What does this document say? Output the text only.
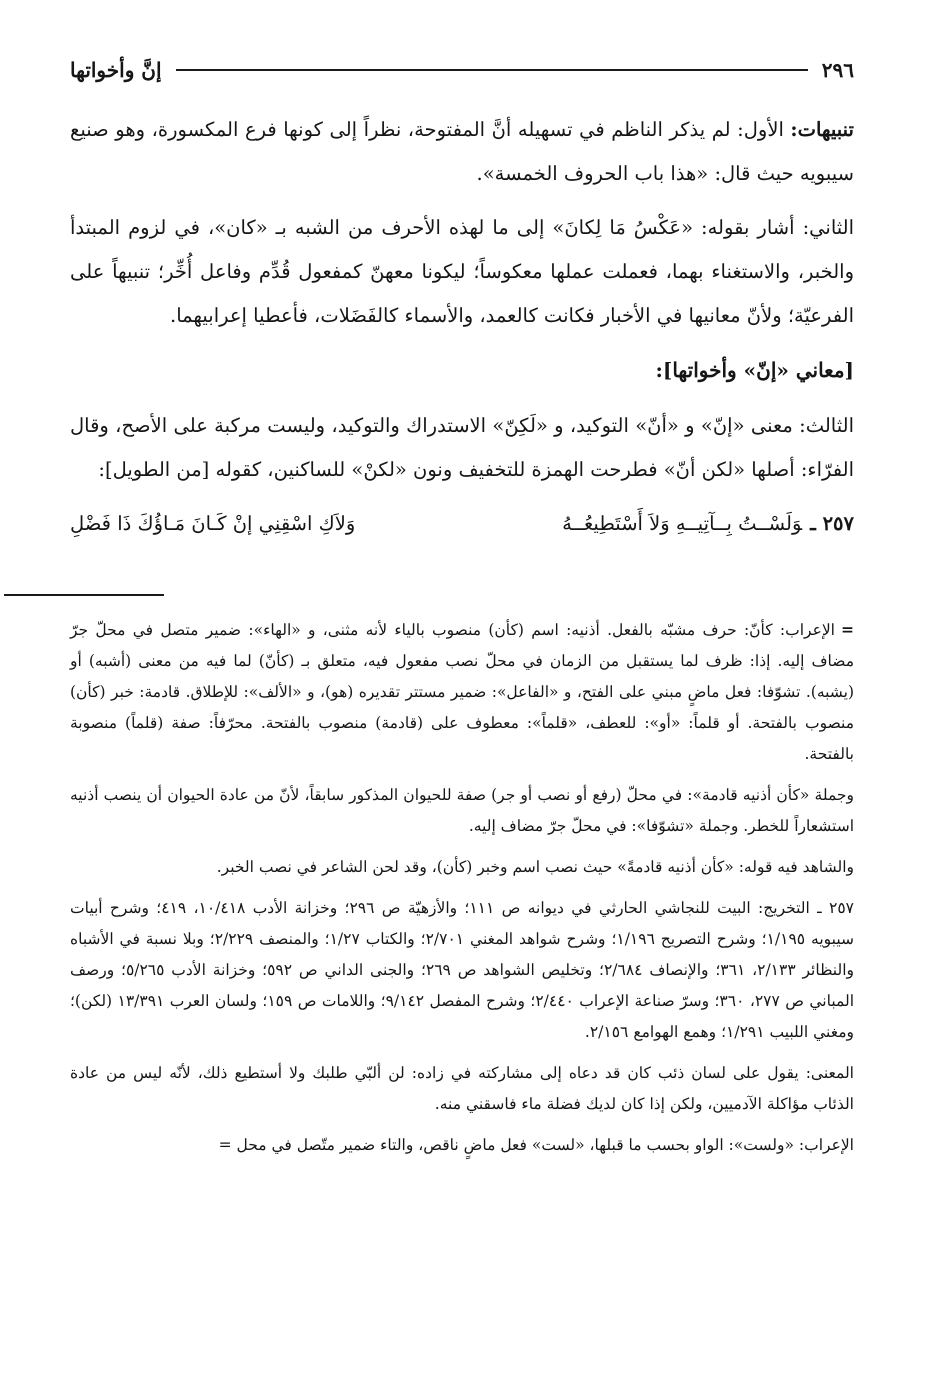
٢٩٦
إنَّ وأخواتها

تنبيهات: الأول: لم يذكر الناظم في تسهيله أنَّ المفتوحة، نظراً إلى كونها فرع المكسورة، وهو صنيع سيبويه حيث قال: «هذا باب الحروف الخمسة».

الثاني: أشار بقوله: «عَكْسُ مَا لِكانَ» إلى ما لهذه الأحرف من الشبه بـ «كان»، في لزوم المبتدأ والخبر، والاستغناء بهما، فعملت عملها معكوساً؛ ليكونا معهنّ كمفعول قُدِّم وفاعل أُخِّر؛ تنبيهاً على الفرعيّة؛ ولأنّ معانيها في الأخبار فكانت كالعمد، والأسماء كالفَضَلات، فأعطيا إعرابيهما.

[معاني «إنّ» وأخواتها]:

الثالث: معنى «إنّ» و «أنّ» التوكيد، و «لَكِنّ» الاستدراك والتوكيد، وليست مركبة على الأصح، وقال الفرّاء: أصلها «لكن أنّ» فطرحت الهمزة للتخفيف ونون «لكنْ» للساكنين، كقوله [من الطويل]:

٢٥٧ ـوَلَسْــتُ بِــآتِيــهِ وَلاَ أَسْتَطِيعُــهُ
وَلاَكِ اسْقِنِي إنْ كَـانَ مَـاؤُكَ ذَا فَضْلِ

=الإعراب: كأنّ: حرف مشبّه بالفعل. أذنيه: اسم (كأن) منصوب بالياء لأنه مثنى، و «الهاء»: ضمير متصل في محلّ جرّ مضاف إليه. إذا: ظرف لما يستقبل من الزمان في محلّ نصب مفعول فيه، متعلق بـ (كأنّ) لما فيه من معنى (أشبه) أو (يشبه). تشوّفا: فعل ماضٍ مبني على الفتح، و «الفاعل»: ضمير مستتر تقديره (هو)، و «الألف»: للإطلاق. قادمة: خبر (كأن) منصوب بالفتحة. أو قلماً: «أو»: للعطف، «قلماً»: معطوف على (قادمة) منصوب بالفتحة. محرّفاً: صفة (قلماً) منصوبة بالفتحة.

وجملة «كأن أذنيه قادمة»: في محلّ (رفع أو نصب أو جر) صفة للحيوان المذكور سابقاً، لأنّ من عادة الحيوان أن ينصب أذنيه استشعاراً للخطر. وجملة «تشوّفا»: في محلّ جرّ مضاف إليه.

والشاهد فيه قوله: «كأن أذنيه قادمةً» حيث نصب اسم وخبر (كأن)، وقد لحن الشاعر في نصب الخبر.

٢٥٧ ـ التخريج: البيت للنجاشي الحارثي في ديوانه ص ١١١؛ والأزهيّة ص ٢٩٦؛ وخزانة الأدب ١٠/٤١٨، ٤١٩؛ وشرح أبيات سيبويه ١/١٩٥؛ وشرح التصريح ١/١٩٦؛ وشرح شواهد المغني ٢/٧٠١؛ والكتاب ١/٢٧؛ والمنصف ٢/٢٢٩؛ وبلا نسبة في الأشباه والنظائر ٢/١٣٣، ٣٦١؛ والإنصاف ٢/٦٨٤؛ وتخليص الشواهد ص ٢٦٩؛ والجنى الداني ص ٥٩٢؛ وخزانة الأدب ٥/٢٦٥؛ ورصف المباني ص ٢٧٧، ٣٦٠؛ وسرّ صناعة الإعراب ٢/٤٤٠؛ وشرح المفصل ٩/١٤٢؛ واللامات ص ١٥٩؛ ولسان العرب ١٣/٣٩١ (لكن)؛ ومغني اللبيب ١/٢٩١؛ وهمع الهوامع ٢/١٥٦.

المعنى: يقول على لسان ذئب كان قد دعاه إلى مشاركته في زاده: لن ألبّي طلبك ولا أستطيع ذلك، لأنّه ليس من عادة الذئاب مؤاكلة الآدميين، ولكن إذا كان لديك فضلة ماء فاسقني منه.

الإعراب: «ولست»: الواو بحسب ما قبلها، «لست» فعل ماضٍ ناقص، والتاء ضمير متّصل في محل =
